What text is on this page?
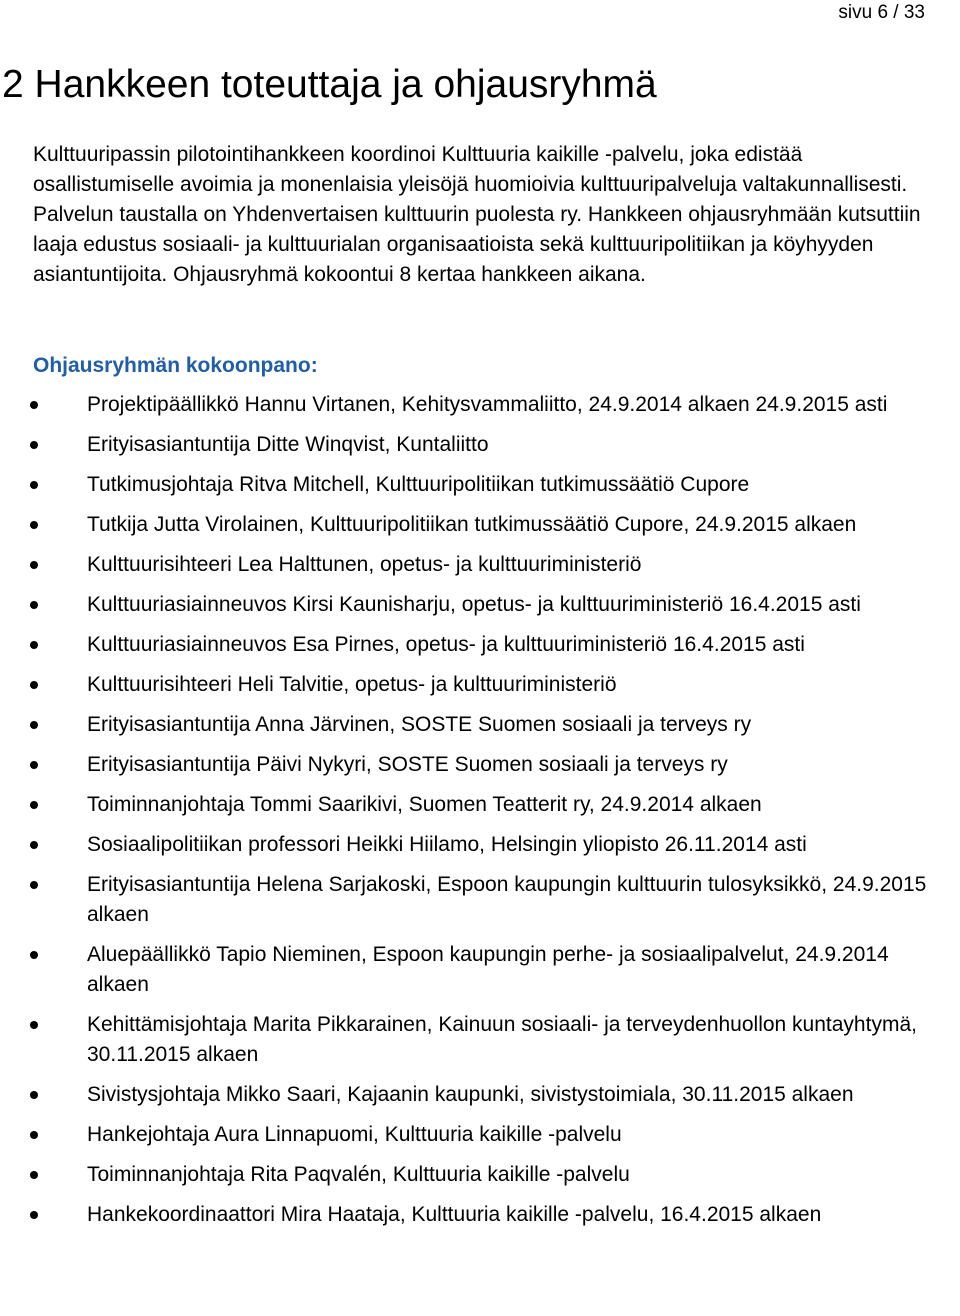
sivu 6 / 33
2 Hankkeen toteuttaja ja ohjausryhmä

Kulttuuripassin pilotointihankkeen koordinoi Kulttuuria kaikille -palvelu, joka edistää osallistumiselle avoimia ja monenlaisia yleisöjä huomioivia kulttuuripalveluja valtakunnallisesti. Palvelun taustalla on Yhdenvertaisen kulttuurin puolesta ry. Hankkeen ohjausryhmään kutsuttiin laaja edustus sosiaali- ja kulttuurialan organisaatioista sekä kulttuuripolitiikan ja köyhyyden asiantuntijoita. Ohjausryhmä kokoontui 8 kertaa hankkeen aikana.

Ohjausryhmän kokoonpano:
Projektipäällikkö Hannu Virtanen, Kehitysvammaliitto, 24.9.2014 alkaen 24.9.2015 asti
Erityisasiantuntija Ditte Winqvist, Kuntaliitto
Tutkimusjohtaja Ritva Mitchell, Kulttuuripolitiikan tutkimussäätiö Cupore
Tutkija Jutta Virolainen, Kulttuuripolitiikan tutkimussäätiö Cupore, 24.9.2015 alkaen
Kulttuurisihteeri Lea Halttunen, opetus- ja kulttuuriministeriö
Kulttuuriasiainneuvos Kirsi Kaunisharju, opetus- ja kulttuuriministeriö 16.4.2015 asti
Kulttuuriasiainneuvos Esa Pirnes, opetus- ja kulttuuriministeriö 16.4.2015 asti
Kulttuurisihteeri Heli Talvitie, opetus- ja kulttuuriministeriö
Erityisasiantuntija Anna Järvinen, SOSTE Suomen sosiaali ja terveys ry
Erityisasiantuntija Päivi Nykyri, SOSTE Suomen sosiaali ja terveys ry
Toiminnanjohtaja Tommi Saarikivi, Suomen Teatterit ry, 24.9.2014 alkaen
Sosiaalipolitiikan professori Heikki Hiilamo, Helsingin yliopisto 26.11.2014 asti
Erityisasiantuntija Helena Sarjakoski, Espoon kaupungin kulttuurin tulosyksikkö, 24.9.2015 alkaen
Aluepäällikkö Tapio Nieminen, Espoon kaupungin perhe- ja sosiaalipalvelut, 24.9.2014 alkaen
Kehittämisjohtaja Marita Pikkarainen, Kainuun sosiaali- ja terveydenhuollon kuntayhtymä, 30.11.2015 alkaen
Sivistysjohtaja Mikko Saari, Kajaanin kaupunki, sivistystoimiala, 30.11.2015 alkaen
Hankejohtaja Aura Linnapuomi, Kulttuuria kaikille -palvelu
Toiminnanjohtaja Rita Paqvalén, Kulttuuria kaikille -palvelu
Hankekoordinaattori Mira Haataja, Kulttuuria kaikille -palvelu, 16.4.2015 alkaen
